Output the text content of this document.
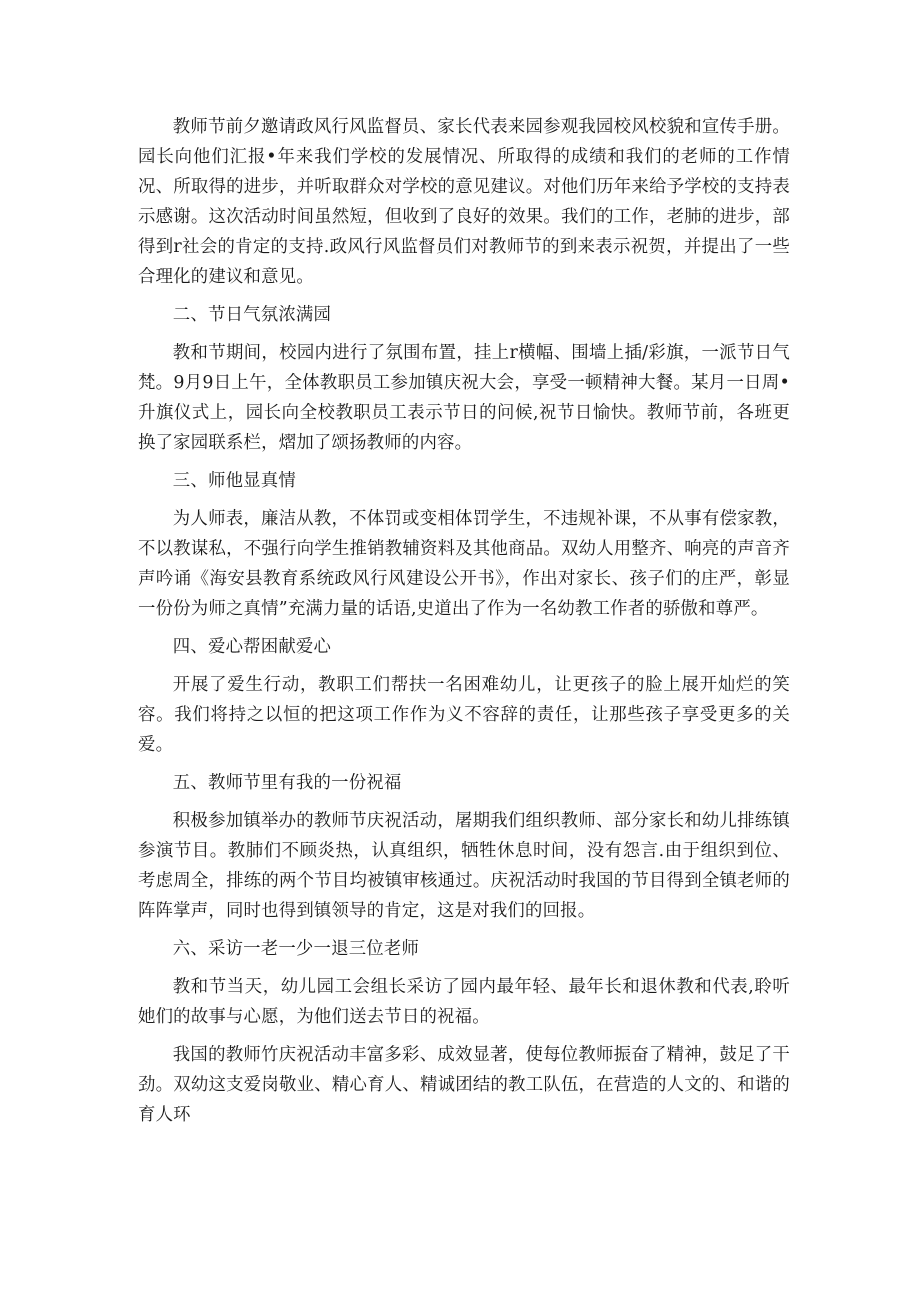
教师节前夕邀请政风行风监督员、家长代表来园参观我园校风校貌和宣传手册。园长向他们汇报•年来我们学校的发展情况、所取得的成绩和我们的老师的工作情况、所取得的进步，并听取群众对学校的意见建议。对他们历年来给予学校的支持表示感谢。这次活动时间虽然短，但收到了良好的效果。我们的工作，老肺的进步，部得到r社会的肯定的支持.政风行风监督员们对教师节的到来表示祝贺，并提出了一些合理化的建议和意见。

二、节日气氛浓满园

教和节期间，校园内进行了氛围布置，挂上r横幅、围墙上插/彩旗，一派节日气梵。9月9日上午，全体教职员工参加镇庆祝大会，享受一顿精神大餐。某月一日周•升旗仪式上，园长向全校教职员工表示节日的问候,祝节日愉快。教师节前，各班更换了家园联系栏，熠加了颂扬教师的内容。

三、师他显真情

为人师表，廉洁从教，不体罚或变相体罚学生，不违规补课，不从事有偿家教，不以教谋私，不强行向学生推销教辅资料及其他商品。双幼人用整齐、响亮的声音齐声吟诵《海安县教育系统政风行风建设公开书》，作出对家长、孩子们的庄严，彰显一份份为师之真情”充满力量的话语,史道出了作为一名幼教工作者的骄傲和尊严。

四、爱心帮困献爱心

开展了爱生行动，教职工们帮扶一名困难幼儿，让更孩子的脸上展开灿烂的笑容。我们将持之以恒的把这项工作作为义不容辞的责任，让那些孩子享受更多的关爱。

五、教师节里有我的一份祝福

积极参加镇举办的教师节庆祝活动，屠期我们组织教师、部分家长和幼儿排练镇参演节目。教肺们不顾炎热，认真组织，牺牲休息时间，没有怨言.由于组织到位、考虑周全，排练的两个节目均被镇审核通过。庆祝活动时我国的节目得到全镇老师的阵阵掌声，同时也得到镇领导的肯定，这是对我们的回报。

六、采访一老一少一退三位老师

教和节当天，幼儿园工会组长采访了园内最年轻、最年长和退休教和代表,聆听她们的故事与心愿，为他们送去节日的祝福。

我国的教师竹庆祝活动丰富多彩、成效显著，使每位教师振奋了精神，鼓足了干劲。双幼这支爱岗敬业、精心育人、精诚团结的教工队伍，在营造的人文的、和谐的育人环
